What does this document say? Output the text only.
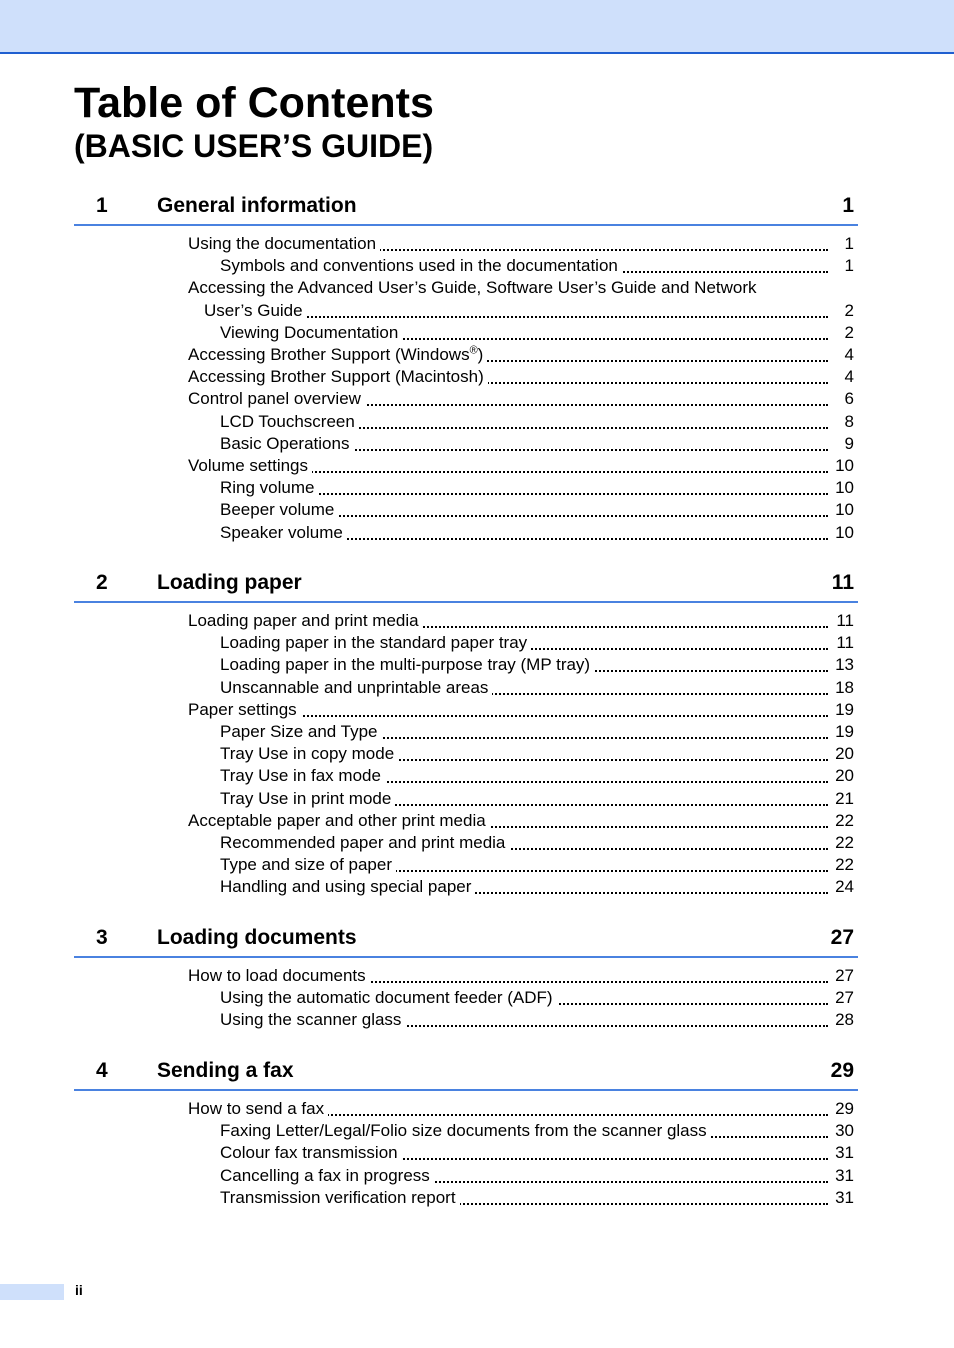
Table of Contents
(BASIC USER’S GUIDE)
1 General information	1
Using the documentation	1
Symbols and conventions used in the documentation	1
Accessing the Advanced User’s Guide, Software User’s Guide and Network
User’s Guide	2
Viewing Documentation	2
Accessing Brother Support (Windows®)	4
Accessing Brother Support (Macintosh)	4
Control panel overview	6
LCD Touchscreen	8
Basic Operations	9
Volume settings	10
Ring volume	10
Beeper volume	10
Speaker volume	10
2 Loading paper	11
Loading paper and print media	11
Loading paper in the standard paper tray	11
Loading paper in the multi-purpose tray (MP tray)	13
Unscannable and unprintable areas	18
Paper settings	19
Paper Size and Type	19
Tray Use in copy mode	20
Tray Use in fax mode	20
Tray Use in print mode	21
Acceptable paper and other print media	22
Recommended paper and print media	22
Type and size of paper	22
Handling and using special paper	24
3 Loading documents	27
How to load documents	27
Using the automatic document feeder (ADF)	27
Using the scanner glass	28
4 Sending a fax	29
How to send a fax	29
Faxing Letter/Legal/Folio size documents from the scanner glass	30
Colour fax transmission	31
Cancelling a fax in progress	31
Transmission verification report	31
ii
